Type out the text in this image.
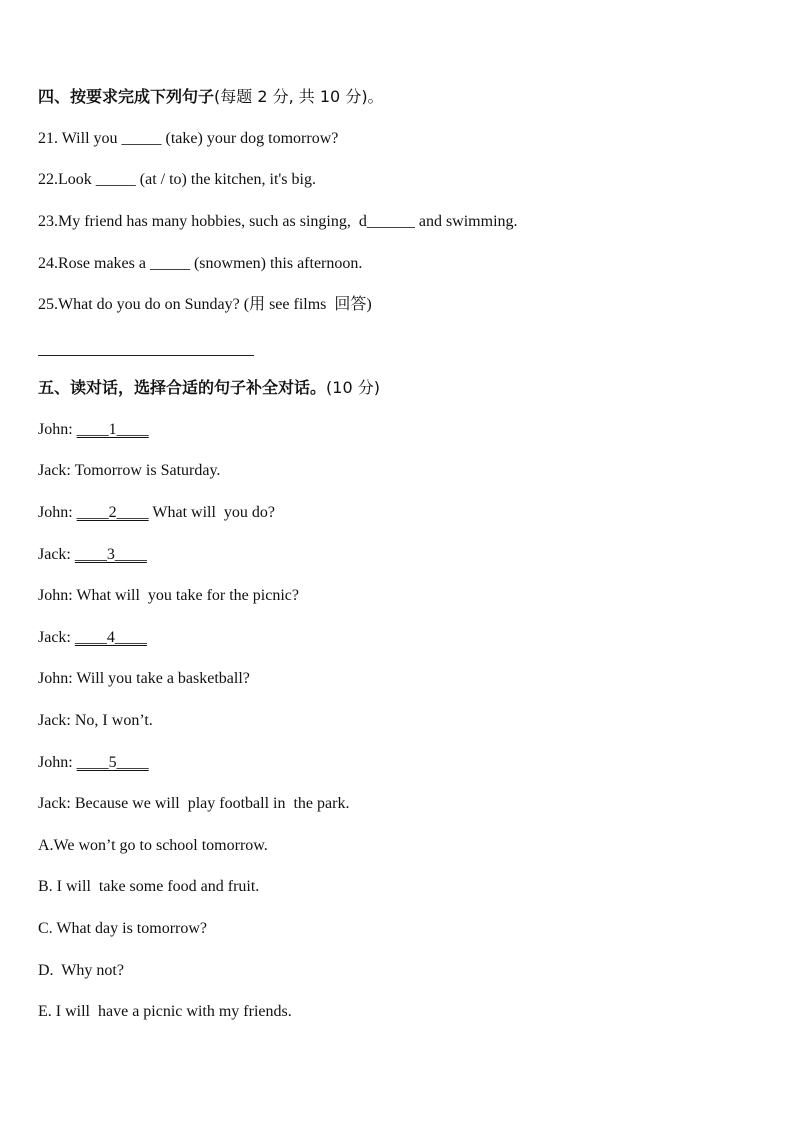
四、按要求完成下列句子(每题 2 分, 共 10 分)。
21. Will you _____ (take) your dog tomorrow?
22.Look _____ (at / to) the kitchen, it's big.
23.My friend has many hobbies, such as singing,  d______ and swimming.
24.Rose makes a _____ (snowmen) this afternoon.
25.What do you do on Sunday? (用 see films  回答)
五、读对话，选择合适的句子补全对话。(10 分)
John: ____1____
Jack: Tomorrow is Saturday.
John: ____2____ What will  you do?
Jack: ____3____
John: What will  you take for the picnic?
Jack: ____4____
John: Will you take a basketball?
Jack: No, I won’t.
John: ____5____
Jack: Because we will  play football in  the park.
A.We won’t go to school tomorrow.
B. I will  take some food and fruit.
C. What day is tomorrow?
D.  Why not?
E. I will  have a picnic with my friends.
